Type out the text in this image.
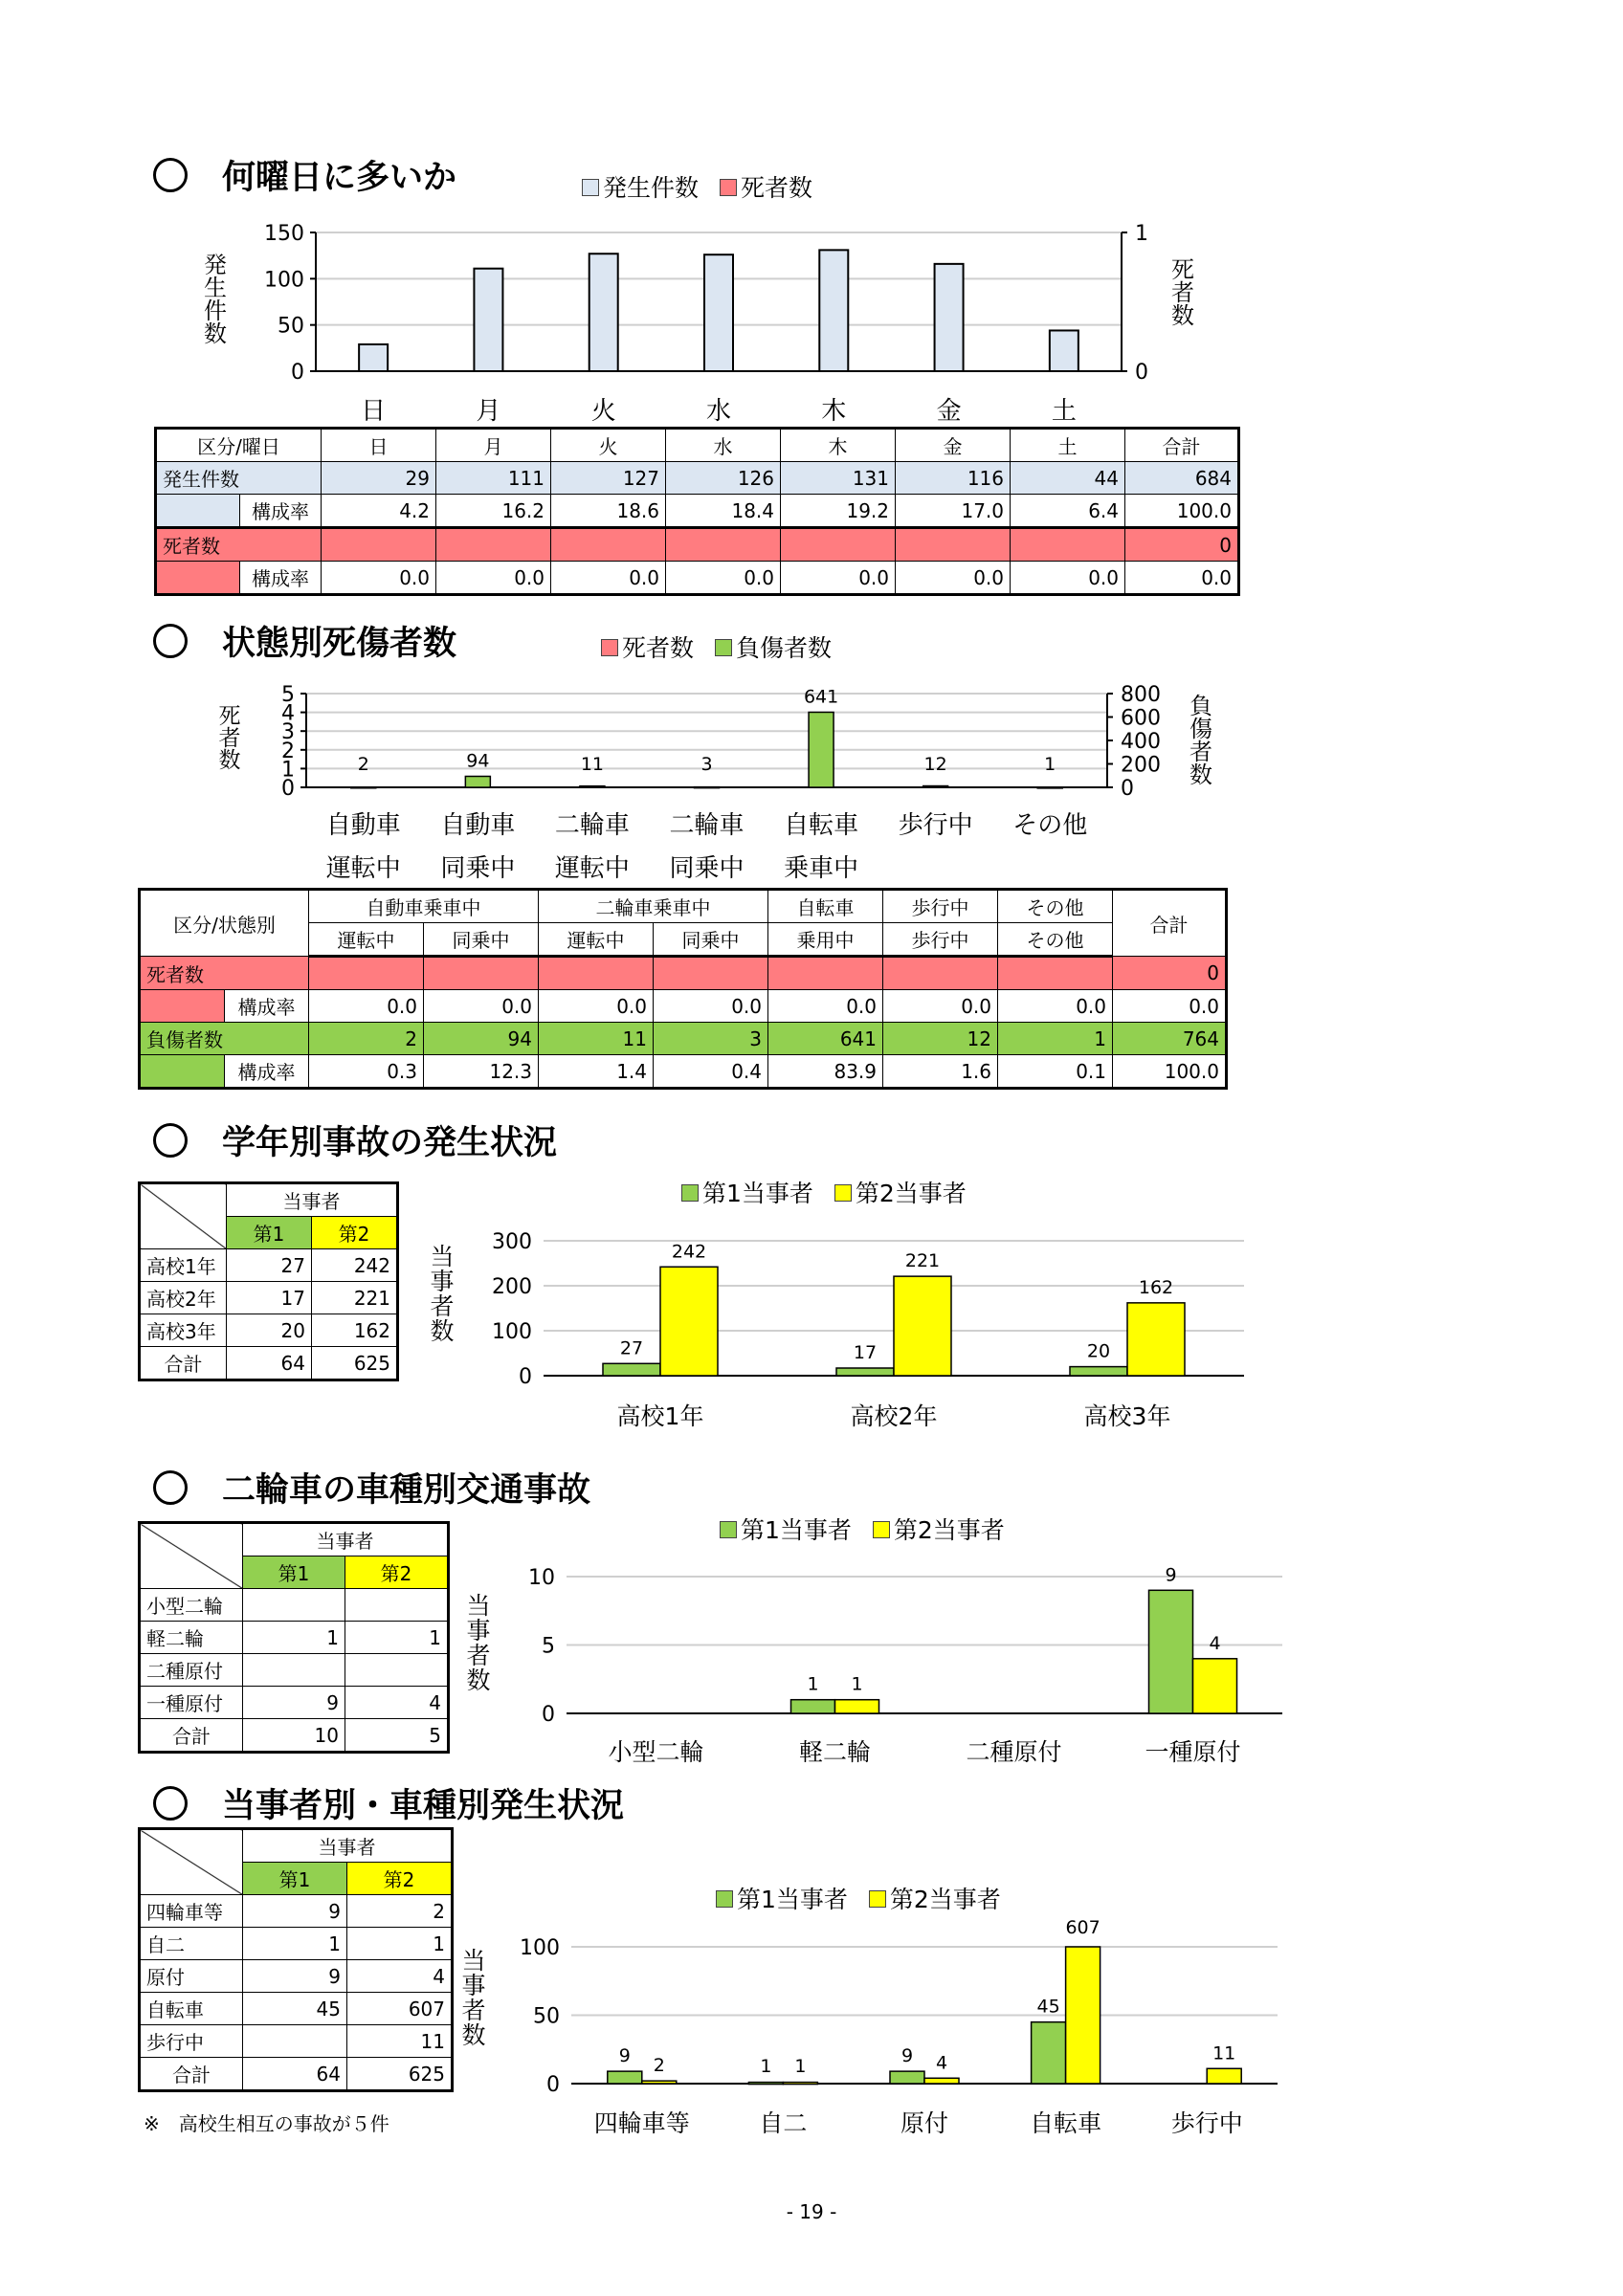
何曜日に多いか	発生件数 死者数
150
100
50
0
1
0
発
生
件
数
死
者
数
日	月	火	水	木	金	土
区分/曜日		日	月	火	水	木	金	土	合計
発生件数		29	111	127	126	131	116	44	684
	構成率	4.2	16.2	18.6	18.4	19.2	17.0	6.4	100.0
死者数									0
	構成率	0.0	0.0	0.0	0.0	0.0	0.0	0.0	0.0
状態別死傷者数	死者数 負傷者数
5
4
3
2
1
0
800
600
400
200
0
死
者
数
負
傷
者
数
2
自動車
運転中
94
自動車
同乗中
11
二輪車
運転中
3
二輪車
同乗中
641
自転車
乗車中
12
歩行中
1
その他
区分/状態別		自動車乗車中		二輪車乗車中		自転車	歩行中	その他	合計
		運転中	同乗中	運転中	同乗中	乗用中	歩行中	その他	
死者数									0
	構成率	0.0	0.0	0.0	0.0	0.0	0.0	0.0	0.0
負傷者数		2	94	11	3	641	12	1	764
	構成率	0.3	12.3	1.4	0.4	83.9	1.6	0.1	100.0
学年別事故の発生状況
第1当事者 第2当事者
	当事者	
	第1	第2
高校1年	27	242
高校2年	17	221
高校3年	20	162
合計	64	625
300
200
100
0
当
事
者
数
27
242
高校1年
17
221
高校2年
20
162
高校3年
二輪車の車種別交通事故
第1当事者 第2当事者
	当事者	
	第1	第2
小型二輪		
軽二輪	1	1
二種原付		
一種原付	9	4
合計	10	5
10
5
0
当
事
者
数
小型二輪
1 1
軽二輪	二種原付
9
4
一種原付
当事者別・車種別発生状況
第1当事者 第2当事者
	当事者	
	第1	第2
四輪車等	9	2
自二	1	1
原付	9	4
自転車	45	607
歩行中		11
合計	64	625
※　高校生相互の事故が５件
100
50
0
当
事
者
数
9 2
四輪車等
1 1
自二
9 4
原付
45
607
自転車
11
歩行中
- 19 -
